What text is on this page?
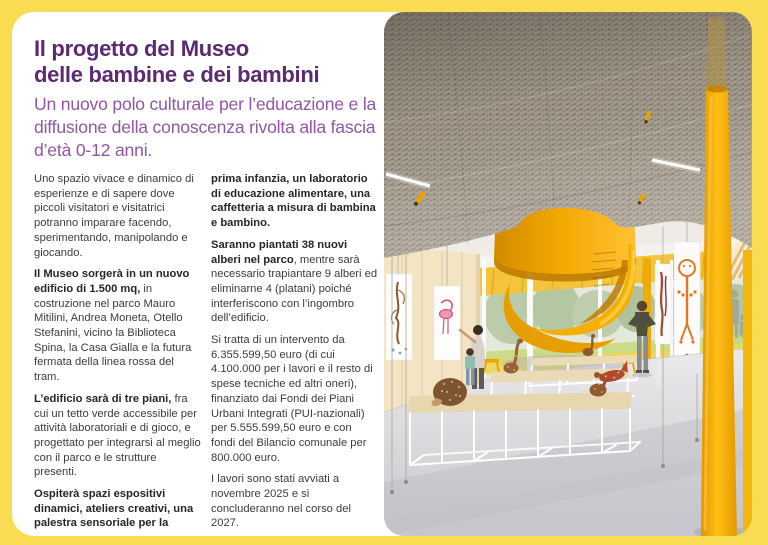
Il progetto del Museo
delle bambine e dei bambini

Un nuovo polo culturale per l’educazione e la diffusione della conoscenza rivolta alla fascia d’età 0-12 anni.

Uno spazio vivace e dinamico di esperienze e di sapere dove piccoli visitatori e visitatrici potranno imparare facendo, sperimentando, manipolando e giocando.

Il Museo sorgerà in un nuovo edificio di 1.500 mq, in costruzione nel parco Mauro Mitilini, Andrea Moneta, Otello Stefanini, vicino la Biblioteca Spina, la Casa Gialla e la futura fermata della linea rossa del tram.

L’edificio sarà di tre piani, fra cui un tetto verde accessibile per attività laboratoriali e di gioco, e progettato per integrarsi al meglio con il parco e le strutture presenti.

Ospiterà spazi espositivi dinamici, ateliers creativi, una palestra sensoriale per la

prima infanzia, un laboratorio di educazione alimentare, una caffetteria a misura di bambina e bambino.

Saranno piantati 38 nuovi alberi nel parco, mentre sarà necessario trapiantare 9 alberi ed eliminarne 4 (platani) poiché interferiscono con l’ingombro dell’edificio.

Si tratta di un intervento da 6.355.599,50 euro (di cui 4.100.000 per i lavori e il resto di spese tecniche ed altri oneri), finanziato dai Fondi dei Piani Urbani Integrati (PUI-nazionali) per 5.555.599,50 euro e con fondi del Bilancio comunale per 800.000 euro.

I lavori sono stati avviati a novembre 2025 e si concluderanno nel corso del 2027.
